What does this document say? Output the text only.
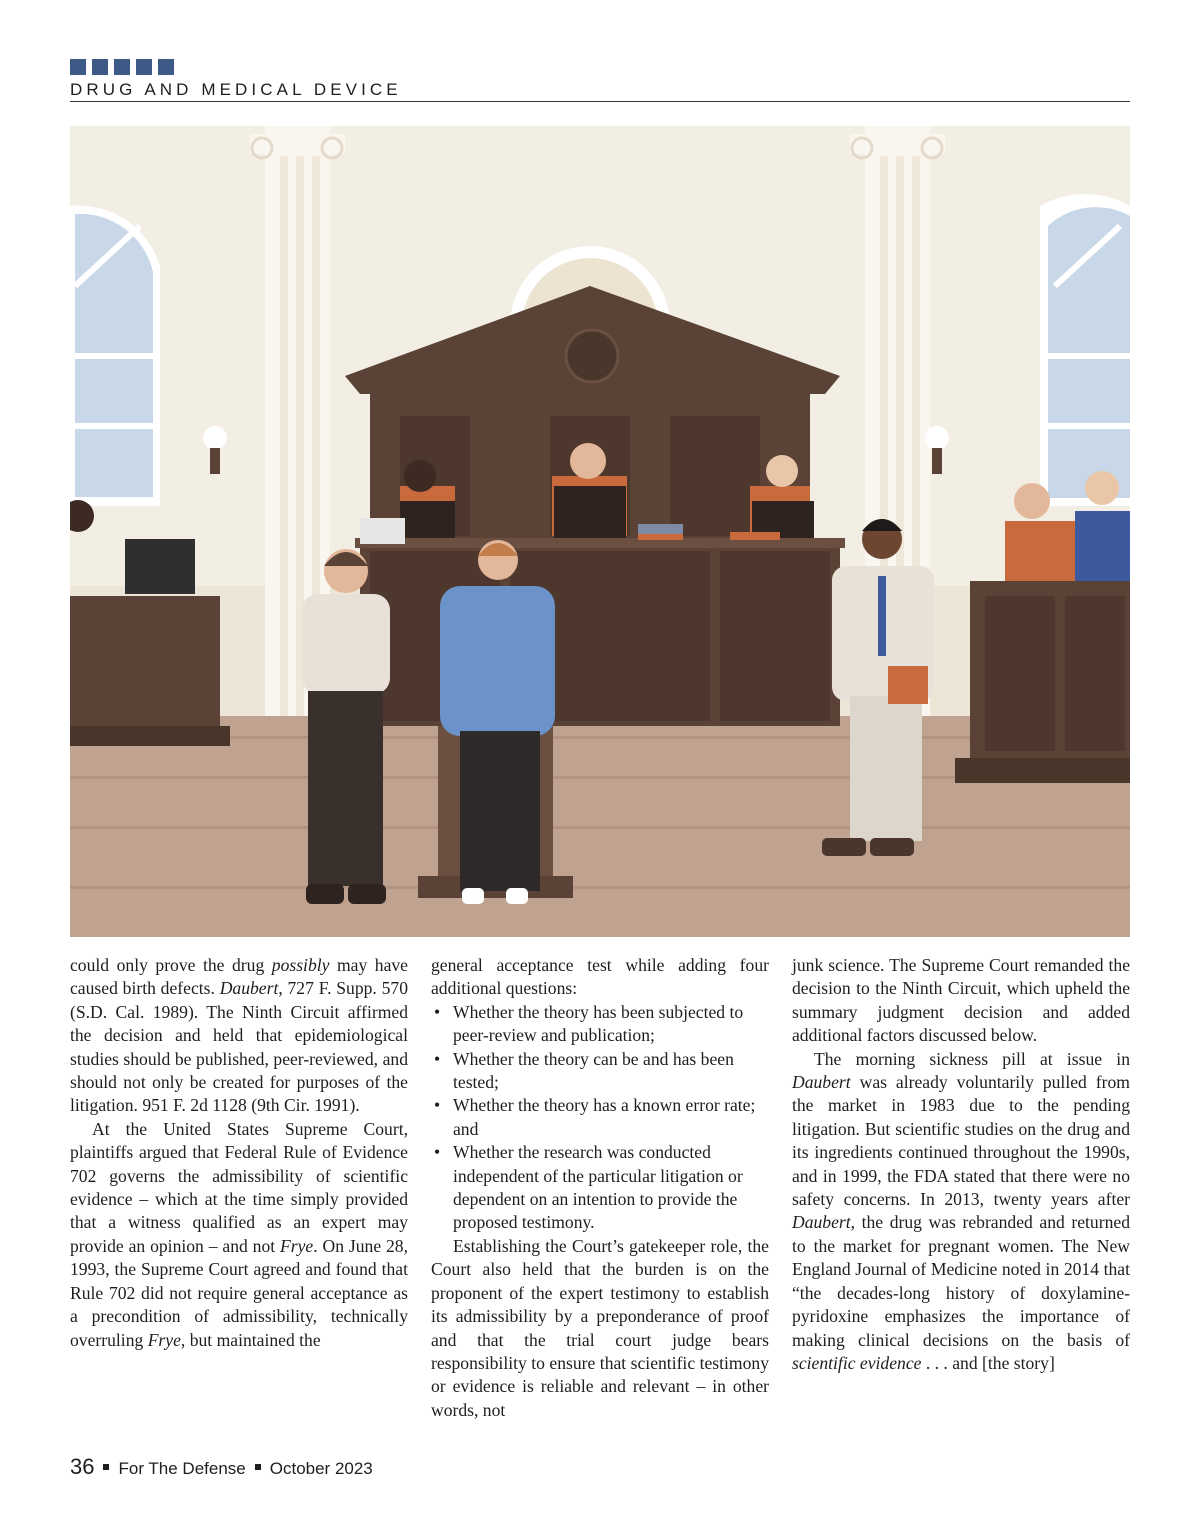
DRUG AND MEDICAL DEVICE

could only prove the drug possibly may have caused birth defects. Daubert, 727 F. Supp. 570 (S.D. Cal. 1989). The Ninth Circuit affirmed the decision and held that epidemiological studies should be published, peer-reviewed, and should not only be created for purposes of the litigation. 951 F. 2d 1128 (9th Cir. 1991).

At the United States Supreme Court, plaintiffs argued that Federal Rule of Evidence 702 governs the admissibility of scientific evidence – which at the time simply provided that a witness qualified as an expert may provide an opinion – and not Frye. On June 28, 1993, the Supreme Court agreed and found that Rule 702 did not require general acceptance as a precondition of admissibility, technically overruling Frye, but maintained the

general acceptance test while adding four additional questions:

• Whether the theory has been subjected to peer-review and publication;
• Whether the theory can be and has been tested;
• Whether the theory has a known error rate; and
• Whether the research was conducted independent of the particular litigation or dependent on an intention to provide the proposed testimony.

Establishing the Court’s gatekeeper role, the Court also held that the burden is on the proponent of the expert testimony to establish its admissibility by a preponderance of proof and that the trial court judge bears responsibility to ensure that scientific testimony or evidence is reliable and relevant – in other words, not

junk science. The Supreme Court remanded the decision to the Ninth Circuit, which upheld the summary judgment decision and added additional factors discussed below.

The morning sickness pill at issue in Daubert was already voluntarily pulled from the market in 1983 due to the pending litigation. But scientific studies on the drug and its ingredients continued throughout the 1990s, and in 1999, the FDA stated that there were no safety concerns. In 2013, twenty years after Daubert, the drug was rebranded and returned to the market for pregnant women. The New England Journal of Medicine noted in 2014 that “the decades-long history of doxylamine-pyridoxine emphasizes the importance of making clinical decisions on the basis of scientific evidence . . . and [the story]

36 For The Defense October 2023
